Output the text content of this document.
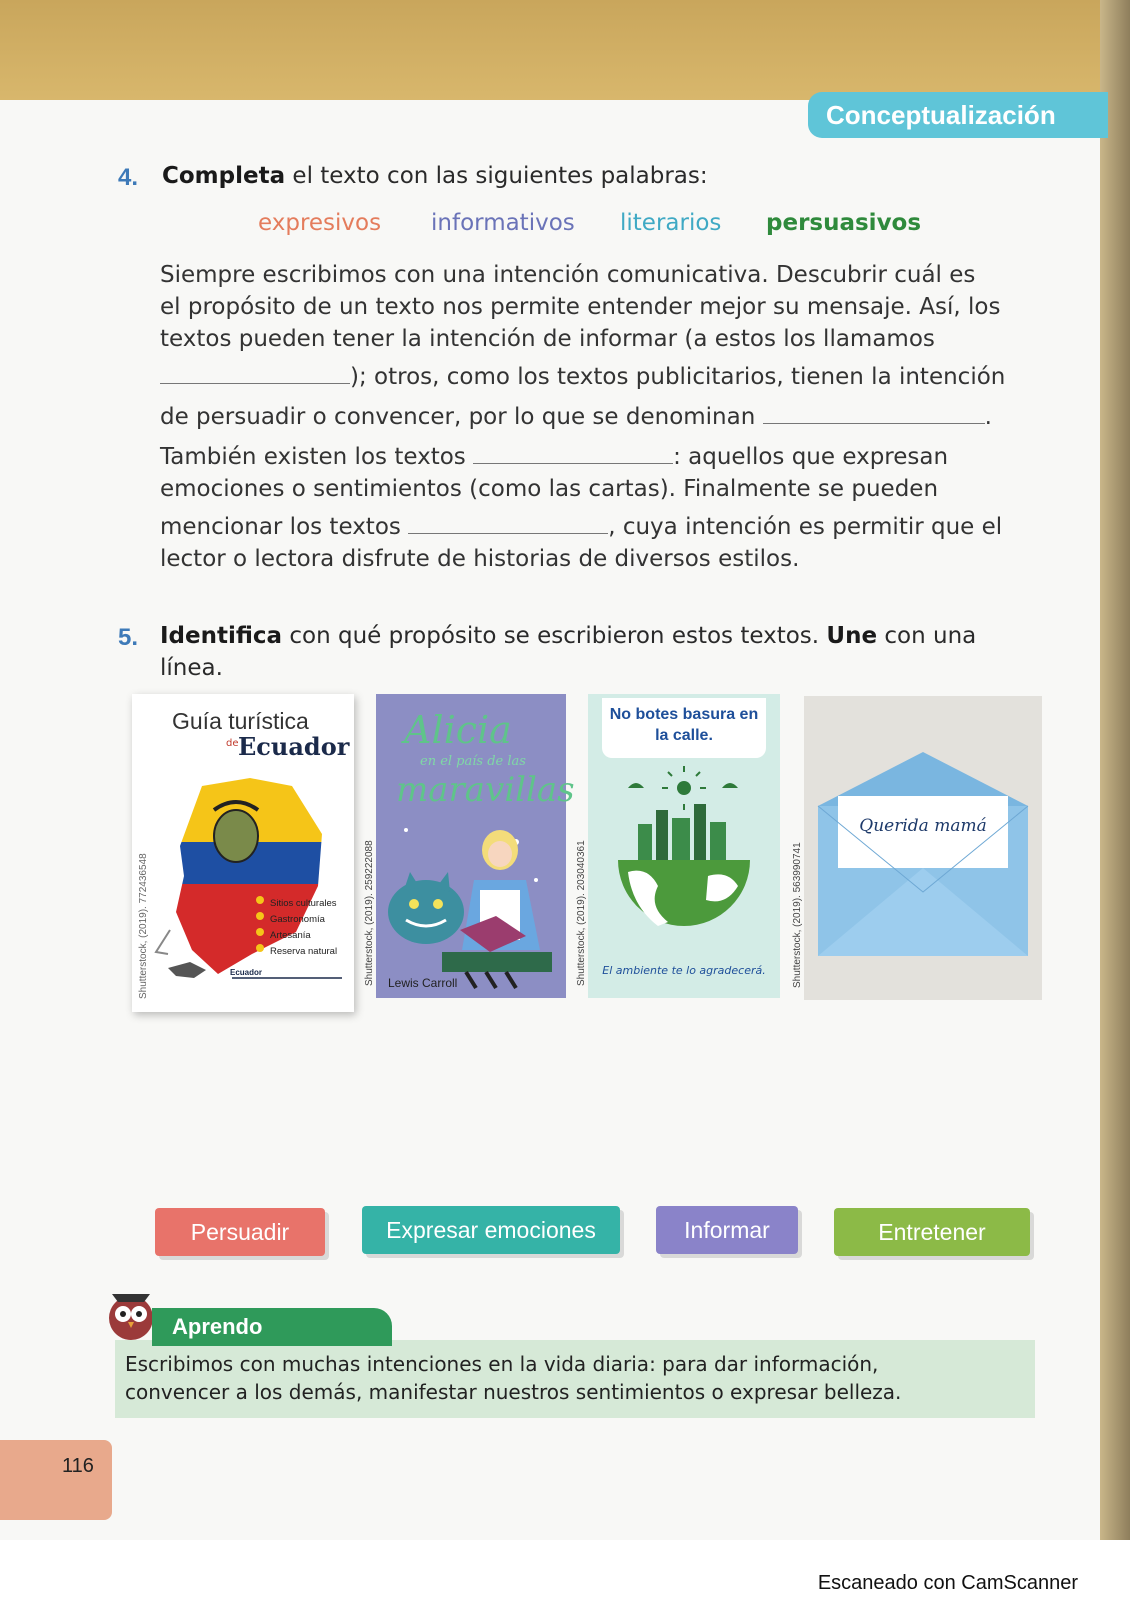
Conceptualización
4. Completa el texto con las siguientes palabras:
expresivos informativos literarios persuasivos
Siempre escribimos con una intención comunicativa. Descubrir cuál es
el propósito de un texto nos permite entender mejor su mensaje. Así, los
textos pueden tener la intención de informar (a estos los llamamos
); otros, como los textos publicitarios, tienen la intención
de persuadir o convencer, por lo que se denominan	.
También existen los textos	: aquellos que expresan
emociones o sentimientos (como las cartas). Finalmente se pueden
mencionar los textos	, cuya intención es permitir que el
lector o lectora disfrute de historias de diversos estilos.
5. Identifica con qué propósito se escribieron estos textos. Une con una
línea.
Shutterstock, (2019). 772436548
Guía turística
de Ecuador
Sitios culturales
Gastronomía
Artesanía
Reserva natural
Ecuador	Shutterstock, (2019). 259222088
Alicia
en el país de las
maravillas
Lewis Carroll	Shutterstock, (2019). 203040361
No botes basura en la calle.
El ambiente te lo agradecerá.	Shutterstock, (2019). 563990741
Querida mamá
Persuadir	Expresar emociones	Informar	Entretener
Aprendo
Escribimos con muchas intenciones en la vida diaria: para dar información,
convencer a los demás, manifestar nuestros sentimientos o expresar belleza.
116
Escaneado con CamScanner
